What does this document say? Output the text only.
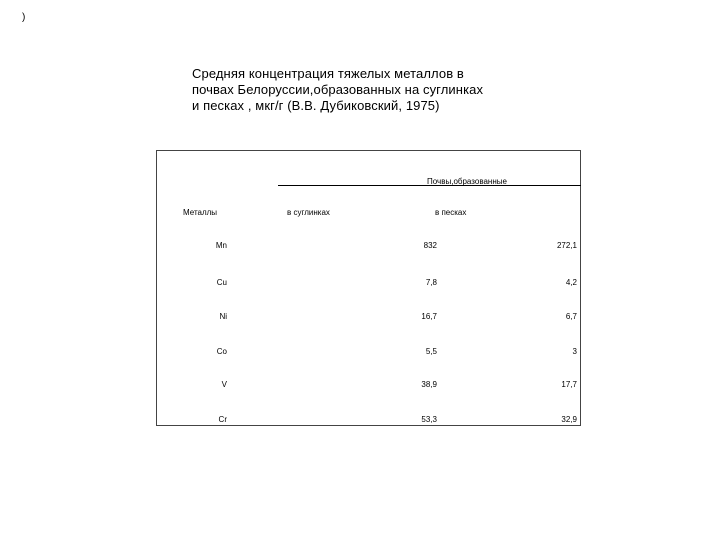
)
Средняя концентрация тяжелых металлов в
почвах Белоруссии,образованных на суглинках
и песках , мкг/г (В.В. Дубиковский, 1975)
Почвы,образованные
Металлы	в суглинках	в песках
Mn	832	272,1
Cu	7,8	4,2
Ni	16,7	6,7
Co	5,5	3
V	38,9	17,7
Cr	53,3	32,9
